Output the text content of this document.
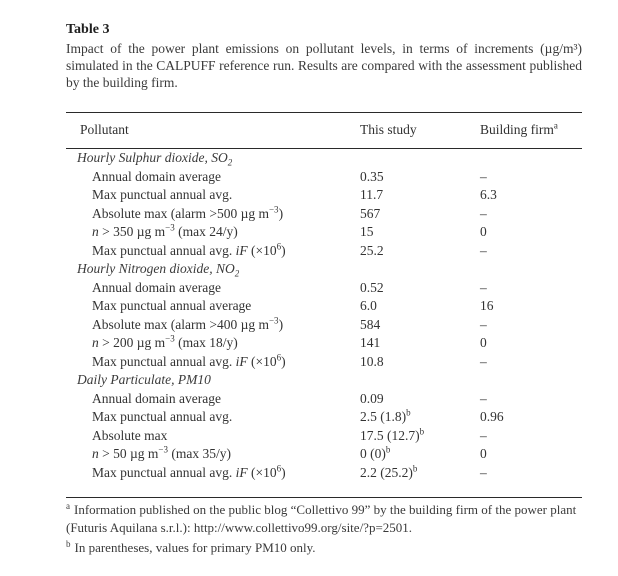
Table 3
Impact of the power plant emissions on pollutant levels, in terms of increments (µg/m³) simulated in the CALPUFF reference run. Results are compared with the assessment published by the building firm.
Pollutant	This study	Building firm$^a$
Hourly Sulphur dioxide, $SO_2$
Annual domain average	0.35	–
Max punctual annual avg.	11.7	6.3
Absolute max (alarm >500 µg $m^{-3}$)	567	–
n > 350 µg $m^{-3}$ (max 24/y)	15	0
Max punctual annual avg. iF $(\times 10^6)$	25.2	–
Hourly Nitrogen dioxide, $NO_2$
Annual domain average	0.52	–
Max punctual annual average	6.0	16
Absolute max (alarm >400 µg $m^{-3}$)	584	–
n > 200 µg $m^{-3}$ (max 18/y)	141	0
Max punctual annual avg. iF $(\times 10^6)$	10.8	–
Daily Particulate, PM10
Annual domain average	0.09	–
Max punctual annual avg.	2.5 $(1.8)^b$	0.96
Absolute max	17.5 $(12.7)^b$	–
n > 50 µg $m^{-3}$ (max 35/y)	0 $(0)^b$	0
Max punctual annual avg. iF $(\times 10^6)$	2.2 $(25.2)^b$	–
$^a$ Information published on the public blog “Collettivo 99” by the building firm of the power plant (Futuris Aquilana s.r.l.): http://www.collettivo99.org/site/?p=2501.
$^b$ In parentheses, values for primary PM10 only.
